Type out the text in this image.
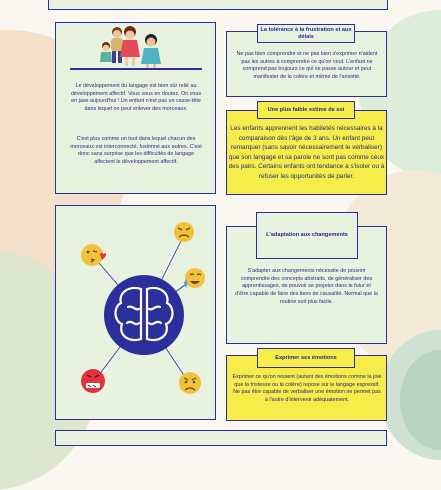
Le développement du langage est bien sûr relié au développement affectif. Vous vous en doutez. On vous en jase aujourd'hui ! Un enfant n'est pas un casse-tête dans lequel on peut enlever des morceaux.
C'est plus comme un tout dans lequel chacun des morceaux est interconnecté, fusionné aux autres. C'est donc sans surprise que les difficultés de langage affectent le développement affectif.
La tolérance à la frustration et aux délais
Ne pas bien comprendre et ne pas bien s'exprimer n'aident pas les autres à comprendre ce qu'on veut. L'enfant ne comprend pas toujours ce qui se passe autour et peut manifester de la colère et même de l'anxiété.
Une plus faible estime de soi
Les enfants apprennent les habiletés nécessaires à la comparaison dès l'âge de 3 ans. Un enfant peut remarquer (sans savoir nécessairement le verbaliser) que son langage et sa parole ne sont pas comme ceux des pairs. Certains enfants ont tendance à s'isoler ou à refuser les opportunités de parler.
L'adaptation aux changements
S'adapter aux changements nécessite de pouvoir comprendre des concepts abstraits, de généraliser des apprentissages, de pouvoir se projeter dans le futur et d'être capable de faire des liens de causalité. Normal que la routine soit plus facile.
Exprimer ses émotions
Exprimer ce qu'on ressent (autant des émotions comme la joie que la tristesse ou la colère) repose sur le langage expressif. Ne pas être capable de verbaliser une émotion ne permet pas à l'autre d'intervenir adéquatement.
